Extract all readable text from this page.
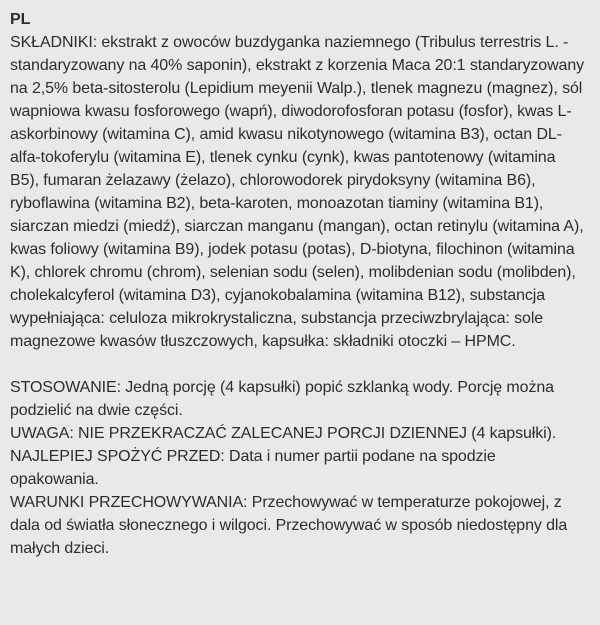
PL

SKŁADNIKI: ekstrakt z owoców buzdyganka naziemnego (Tribulus terrestris L. - standaryzowany na 40% saponin), ekstrakt z korzenia Maca 20:1 standaryzowany na 2,5% beta-sitosterolu (Lepidium meyenii Walp.), tlenek magnezu (magnez), sól wapniowa kwasu fosforowego (wapń), diwodorofosforan potasu (fosfor), kwas L-askorbinowy (witamina C), amid kwasu nikotynowego (witamina B3), octan DL-alfa-tokoferylu (witamina E), tlenek cynku (cynk), kwas pantotenowy (witamina B5), fumaran żelazawy (żelazo), chlorowodorek pirydoksyny (witamina B6), ryboflawina (witamina B2), beta-karoten, monoazotan tiaminy (witamina B1), siarczan miedzi (miedź), siarczan manganu (mangan), octan retinylu (witamina A), kwas foliowy (witamina B9), jodek potasu (potas), D-biotyna, filochinon (witamina K), chlorek chromu (chrom), selenian sodu (selen), molibdenian sodu (molibden), cholekalcyferol (witamina D3), cyjanokobalamina (witamina B12), substancja wypełniająca: celuloza mikrokrystaliczna, substancja przeciwzbrylająca: sole magnezowe kwasów tłuszczowych, kapsułka: składniki otoczki – HPMC.

STOSOWANIE: Jedną porcję (4 kapsułki) popić szklanką wody. Porcję można podzielić na dwie części.

UWAGA: NIE PRZEKRACZAĆ ZALECANEJ PORCJI DZIENNEJ (4 kapsułki).

NAJLEPIEJ SPOŻYĆ PRZED: Data i numer partii podane na spodzie opakowania.

WARUNKI PRZECHOWYWANIA: Przechowywać w temperaturze pokojowej, z dala od światła słonecznego i wilgoci. Przechowywać w sposób niedostępny dla małych dzieci.
